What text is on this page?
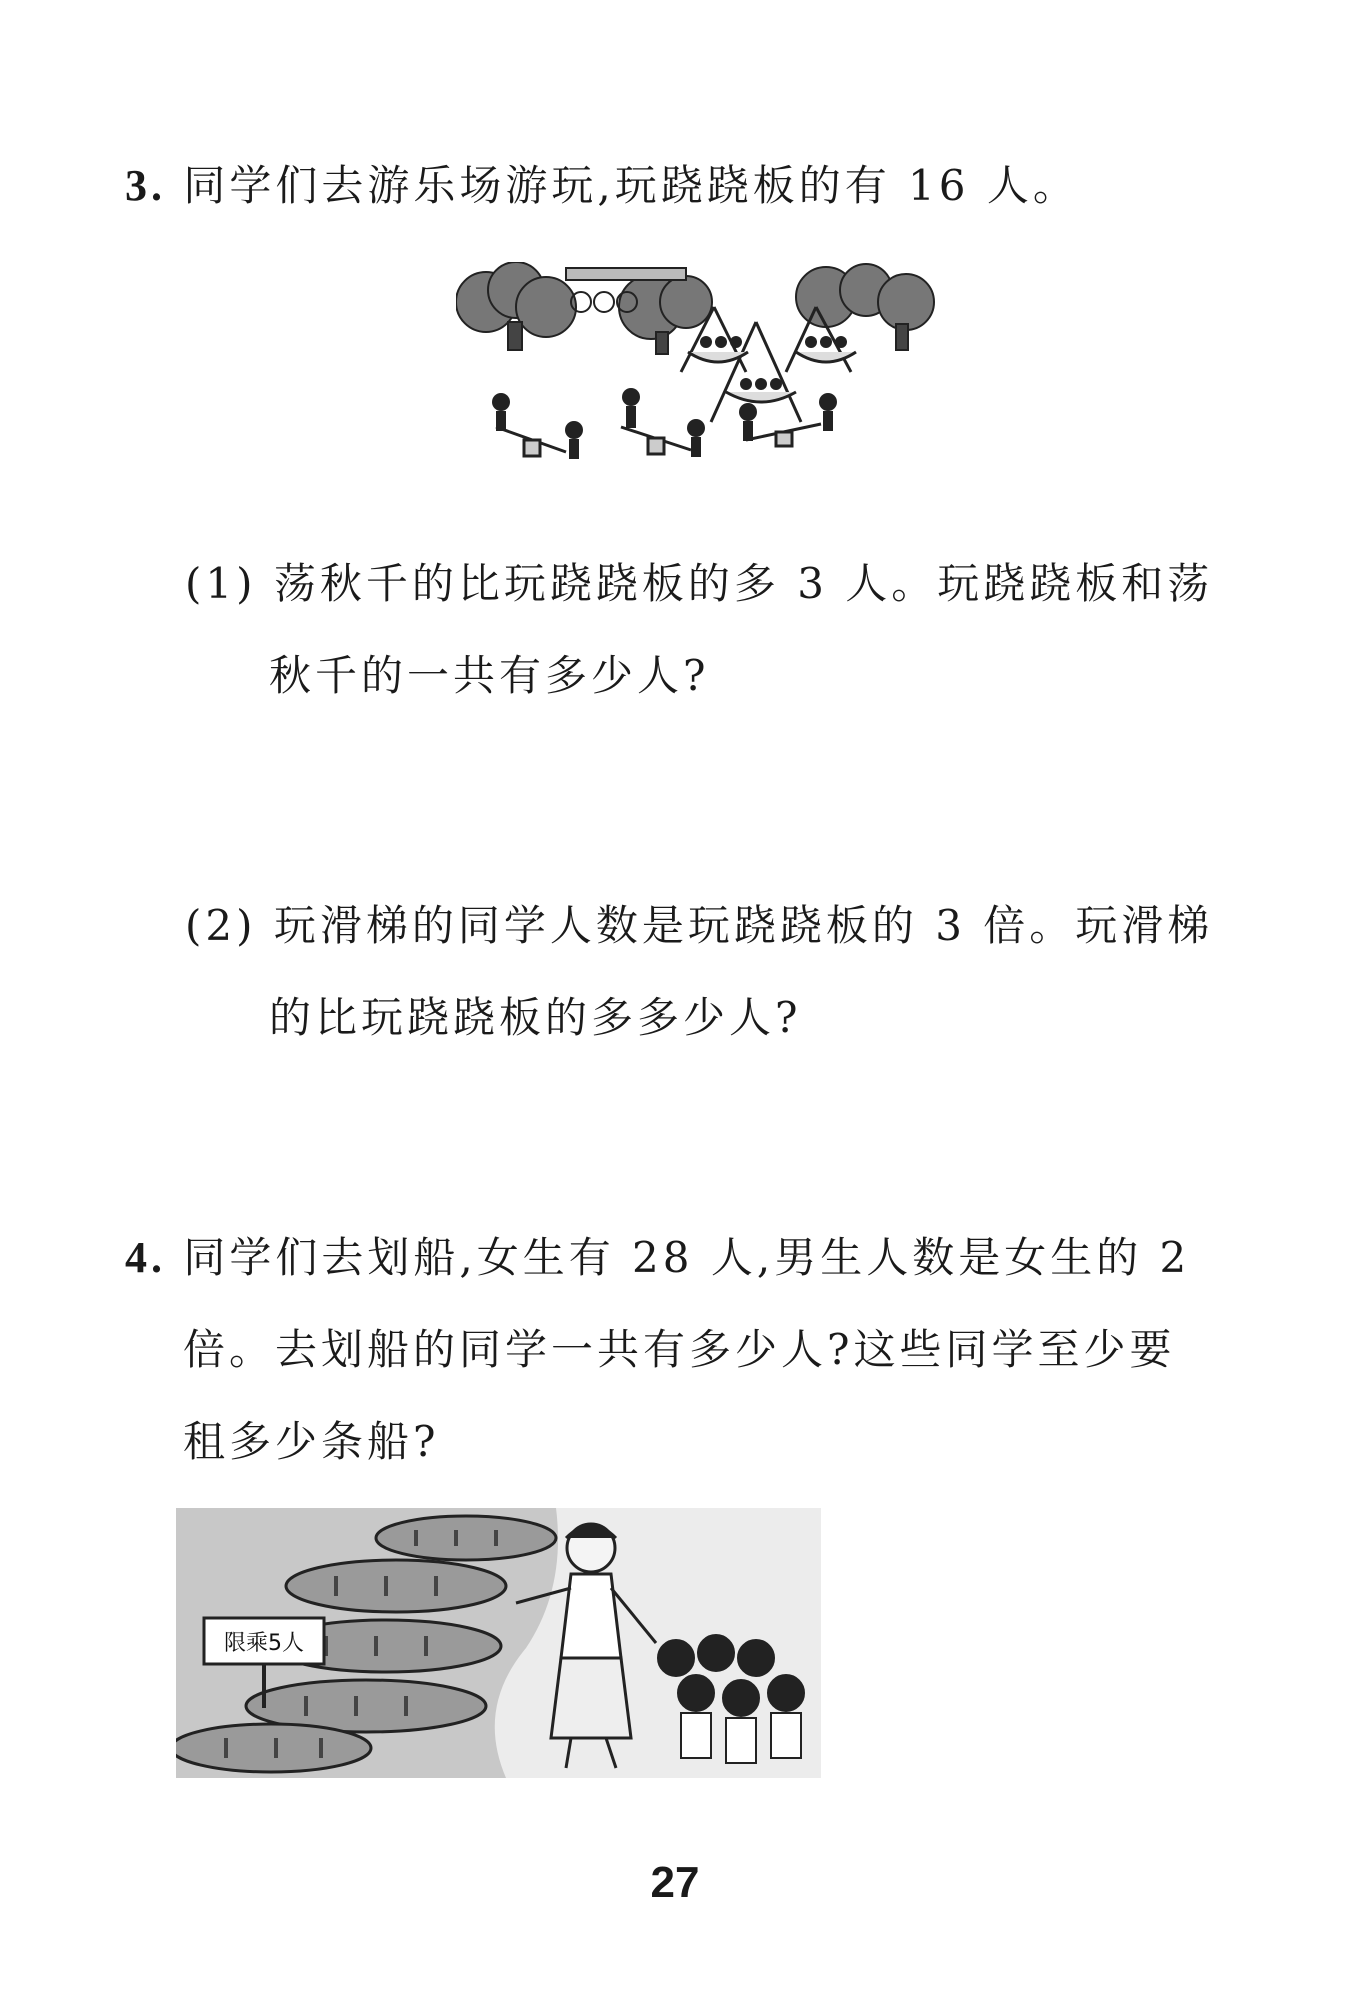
3. 同学们去游乐场游玩,玩跷跷板的有 16 人。
(1) 荡秋千的比玩跷跷板的多 3 人。玩跷跷板和荡
秋千的一共有多少人?
(2) 玩滑梯的同学人数是玩跷跷板的 3 倍。玩滑梯
的比玩跷跷板的多多少人?
4. 同学们去划船,女生有 28 人,男生人数是女生的 2
倍。去划船的同学一共有多少人?这些同学至少要
租多少条船?
限乘5人
27
